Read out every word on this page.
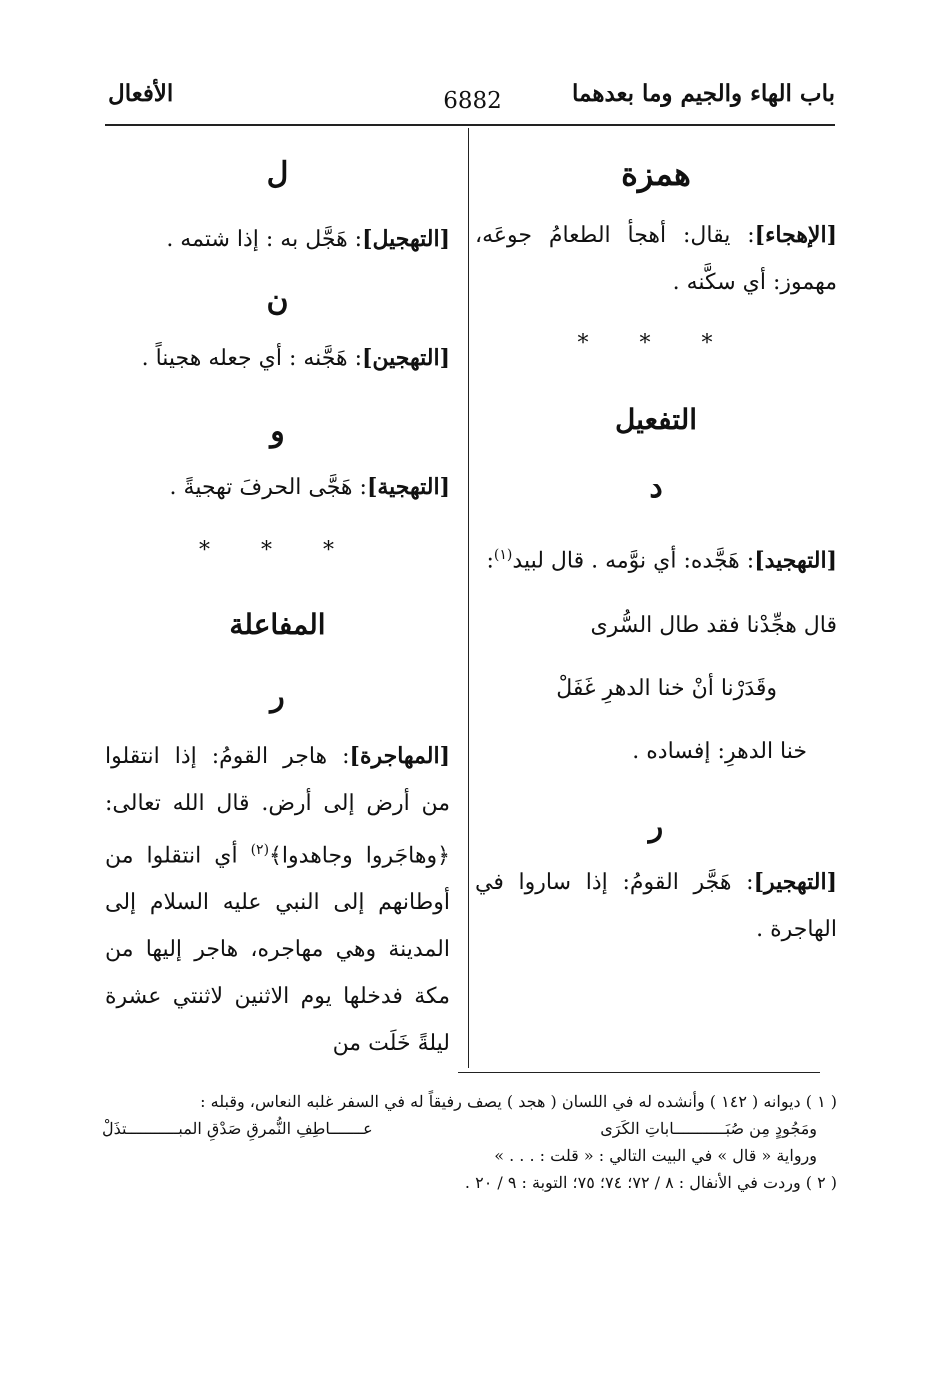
باب الهاء والجيم وما بعدهما
6882
الأفعال

همزة

[الإهجاء]: يقال: أهجأ الطعامُ جوعَه، مهموز: أي سكَّنه .

* * *

التفعيل

د

[التهجيد]: هَجَّده: أي نوَّمه . قال لبيد$^{(١)}$:

قال هجِّدْنا فقد طال السُّرى

وقَدَرْنا أنْ خنا الدهرِ غَفَلْ

خنا الدهرِ: إفساده .

ر

[التهجير]: هَجَّر القومُ: إذا ساروا في الهاجرة .

ل

[التهجيل]: هَجَّل به : إذا شتمه .

ن

[التهجين]: هَجَّنه : أي جعله هجيناً .

و

[التهجية]: هَجَّى الحرفَ تهجيةً .

* * *

المفاعلة

ر

[المهاجرة]: هاجر القومُ: إذا انتقلوا من أرض إلى أرض. قال الله تعالى: ﴿وهاجَروا وجاهدوا﴾$^{(٢)}$ أي انتقلوا من أوطانهم إلى النبي عليه السلام إلى المدينة وهي مهاجره، هاجر إليها من مكة فدخلها يوم الاثنين لاثنتي عشرة ليلةً خَلَت من

( ١ ) ديوانه ( ١٤٢ ) وأنشده له في اللسان ( هجد ) يصف رفيقاً له في السفر غلبه النعاس، وقبله :

ومَجُودٍ مِن صُبَـــــــــــاباتِ الكَرَى
عـــــــاطِفِ النُّمرقِ صَدْقِ المبـــــــــــتذَلْ

ورواية « قال » في البيت التالي : « قلت : . . . »

( ٢ ) وردت في الأنفال : ٨ / ٧٢؛ ٧٤؛ ٧٥؛ التوبة : ٩ / ٢٠ .
